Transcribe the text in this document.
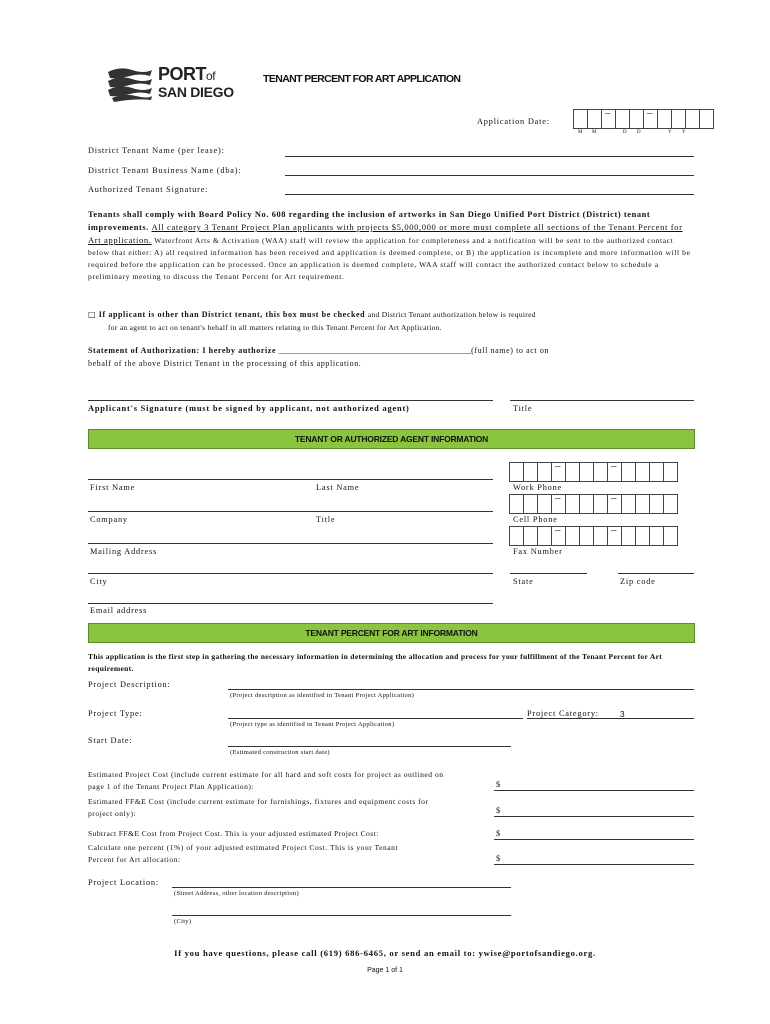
PORTof
SAN DIEGO
TENANT PERCENT FOR ART APPLICATION
Application Date:
–
–
M M	D D	Y Y
District Tenant Name (per lease):
District Tenant Business Name (dba):
Authorized Tenant Signature:
Tenants shall comply with Board Policy No. 608 regarding the inclusion of artworks in San Diego Unified Port District (District) tenant improvements. All category 3 Tenant Project Plan applicants with projects $5,000,000 or more must complete all sections of the Tenant Percent for Art application. Waterfront Arts & Activation (WAA) staff will review the application for completeness and a notification will be sent to the authorized contact below that either: A) all required information has been received and application is deemed complete, or B) the application is incomplete and more information will be required before the application can be processed. Once an application is deemed complete, WAA staff will contact the authorized contact below to schedule a preliminary meeting to discuss the Tenant Percent for Art requirement.
□ If applicant is other than District tenant, this box must be checked and District Tenant authorization below is required
for an agent to act on tenant's behalf in all matters relating to this Tenant Percent for Art Application.
Statement of Authorization: I hereby authorize ____________________________________________________(full name) to act on
behalf of the above District Tenant in the processing of this application.
Applicant's Signature (must be signed by applicant, not authorized agent)	Title
TENANT OR AUTHORIZED AGENT INFORMATION
–
–
First Name	Last Name	Work Phone
–
–
Company	Title	Cell Phone
–
–
Mailing Address	Fax Number
City	State	Zip code
Email address
TENANT PERCENT FOR ART INFORMATION
This application is the first step in gathering the necessary information in determining the allocation and process for your fulfillment of the Tenant Percent for Art requirement.
Project Description:
(Project description as identified in Tenant Project Application)
Project Type:
(Project type as identified in Tenant Project Application)
Project Category:	3
Start Date:
(Estimated construction start date)
Estimated Project Cost (include current estimate for all hard and soft costs for project as outlined on
page 1 of the Tenant Project Plan Application):	$
Estimated FF&E Cost (include current estimate for furnishings, fixtures and equipment costs for
project only):	$
Subtract FF&E Cost from Project Cost. This is your adjusted estimated Project Cost:	$
Calculate one percent (1%) of your adjusted estimated Project Cost. This is your Tenant
Percent for Art allocation:	$
Project Location:
(Street Address, other location description)
(City)
If you have questions, please call (619) 686-6465, or send an email to: ywise@portofsandiego.org.
Page 1 of 1
